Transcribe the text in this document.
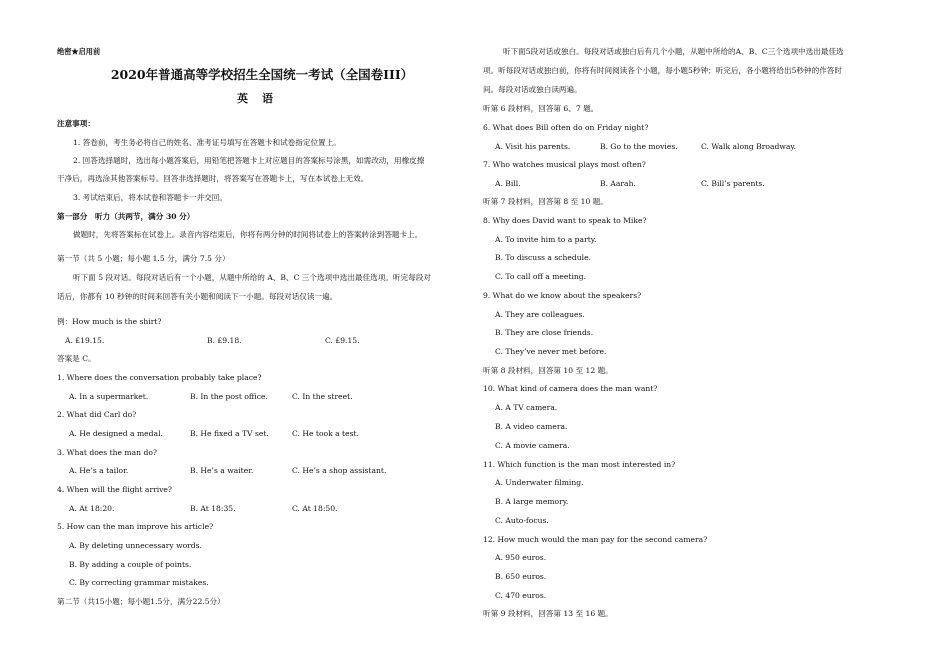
绝密★启用前
2020年普通高等学校招生全国统一考试（全国卷III）
英语
注意事项：
1. 答卷前，考生务必将自己的姓名、准考证号填写在答题卡和试卷指定位置上。
2. 回答选择题时，选出每小题答案后，用铅笔把答题卡上对应题目的答案标号涂黑，如需改动，用橡皮擦
干净后，再选涂其他答案标号。回答非选择题时，将答案写在答题卡上，写在本试卷上无效。
3. 考试结束后，将本试卷和答题卡一并交回。
第一部分　听力（共两节，满分 30 分）
做题时，先将答案标在试卷上。录音内容结束后，你将有两分钟的时间将试卷上的答案转涂到答题卡上。
第一节（共 5 小题；每小题 1.5 分，满分 7.5 分）
听下面 5 段对话。每段对话后有一个小题，从题中所给的 A、B、C 三个选项中选出最佳选项。听完每段对
话后，你都有 10 秒钟的时间来回答有关小题和阅读下一小题。每段对话仅读一遍。
例：How much is the shirt?
A. £19.15.	B. £9.18.	C. £9.15.
答案是 C。
1. Where does the conversation probably take place?
A. In a supermarket.	B. In the post office.	C. In the street.
2. What did Carl do?
A. He designed a medal.	B. He fixed a TV set.	C. He took a test.
3. What does the man do?
A. He’s a tailor.	B. He’s a waiter.	C. He’s a shop assistant.
4. When will the flight arrive?
A. At 18:20.	B. At 18:35.	C. At 18:50.
5. How can the man improve his article?
A. By deleting unnecessary words.
B. By adding a couple of points.
C. By correcting grammar mistakes.
第二节（共15小题；每小题1.5分，满分22.5分）
听下面5段对话或独白。每段对话或独白后有几个小题，从题中所给的A、B、C三个选项中选出最佳选
项。听每段对话或独白前，你将有时间阅读各个小题，每小题5秒钟；听完后，各小题将给出5秒钟的作答时
间。每段对话或独白读两遍。
听第 6 段材料，回答第 6、7 题。
6. What does Bill often do on Friday night?
A. Visit his parents.	B. Go to the movies.	C. Walk along Broadway.
7. Who watches musical plays most often?
A. Bill.	B. Aarah.	C. Bill’s parents.
听第 7 段材料，回答第 8 至 10 题。
8. Why does David want to speak to Mike?
A. To invite him to a party.
B. To discuss a schedule.
C. To call off a meeting.
9. What do we know about the speakers?
A. They are colleagues.
B. They are close friends.
C. They’ve never met before.
听第 8 段材料，回答第 10 至 12 题。
10. What kind of camera does the man want?
A. A TV camera.
B. A video camera.
C. A movie camera.
11. Which function is the man most interested in?
A. Underwater filming.
B. A large memory.
C. Auto-focus.
12. How much would the man pay for the second camera?
A. 950 euros.
B. 650 euros.
C. 470 euros.
听第 9 段材料，回答第 13 至 16 题。
